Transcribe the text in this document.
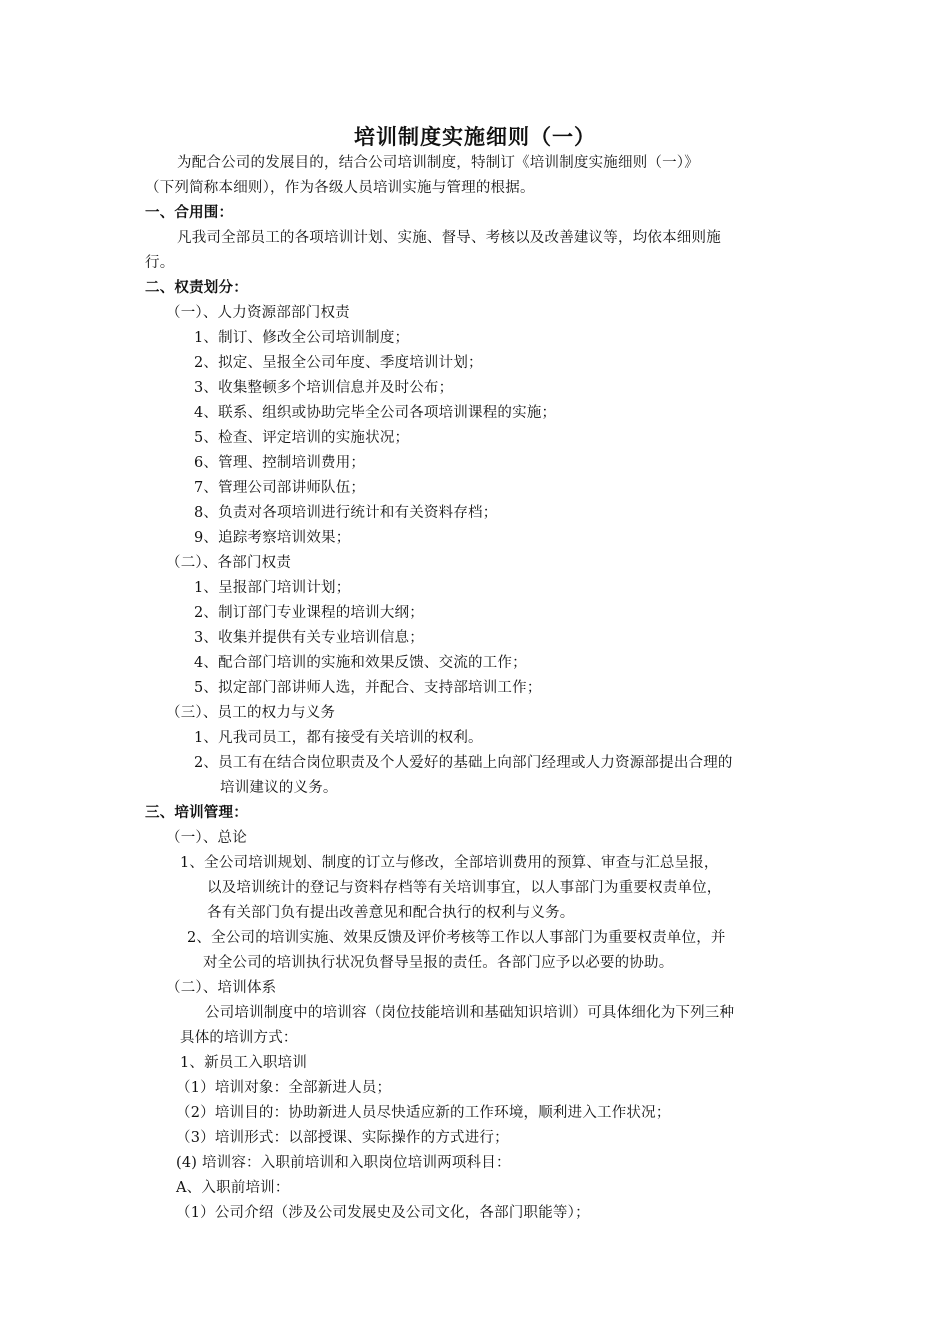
培训制度实施细则（一）
为配合公司的发展目的，结合公司培训制度，特制订《培训制度实施细则（一）》
（下列简称本细则），作为各级人员培训实施与管理的根据。
一、合用围：
凡我司全部员工的各项培训计划、实施、督导、考核以及改善建议等，均依本细则施
行。
二、权责划分：
（一）、人力资源部部门权责
1、制订、修改全公司培训制度；
2、拟定、呈报全公司年度、季度培训计划；
3、收集整顿多个培训信息并及时公布；
4、联系、组织或协助完毕全公司各项培训课程的实施；
5、检查、评定培训的实施状况；
6、管理、控制培训费用；
7、管理公司部讲师队伍；
8、负责对各项培训进行统计和有关资料存档；
9、追踪考察培训效果；
（二）、各部门权责
1、呈报部门培训计划；
2、制订部门专业课程的培训大纲；
3、收集并提供有关专业培训信息；
4、配合部门培训的实施和效果反馈、交流的工作；
5、拟定部门部讲师人选，并配合、支持部培训工作；
（三）、员工的权力与义务
1、凡我司员工，都有接受有关培训的权利。
2、员工有在结合岗位职责及个人爱好的基础上向部门经理或人力资源部提出合理的
培训建议的义务。
三、培训管理：
（一）、总论
1、全公司培训规划、制度的订立与修改，全部培训费用的预算、审查与汇总呈报，
以及培训统计的登记与资料存档等有关培训事宜，以人事部门为重要权责单位，
各有关部门负有提出改善意见和配合执行的权利与义务。
2、全公司的培训实施、效果反馈及评价考核等工作以人事部门为重要权责单位，并
对全公司的培训执行状况负督导呈报的责任。各部门应予以必要的协助。
（二）、培训体系
公司培训制度中的培训容（岗位技能培训和基础知识培训）可具体细化为下列三种
具体的培训方式：
1、新员工入职培训
（1）培训对象：全部新进人员；
（2）培训目的：协助新进人员尽快适应新的工作环境，顺利进入工作状况；
（3）培训形式：以部授课、实际操作的方式进行；
(4) 培训容：入职前培训和入职岗位培训两项科目：
A、入职前培训：
（1）公司介绍（涉及公司发展史及公司文化，各部门职能等）；
